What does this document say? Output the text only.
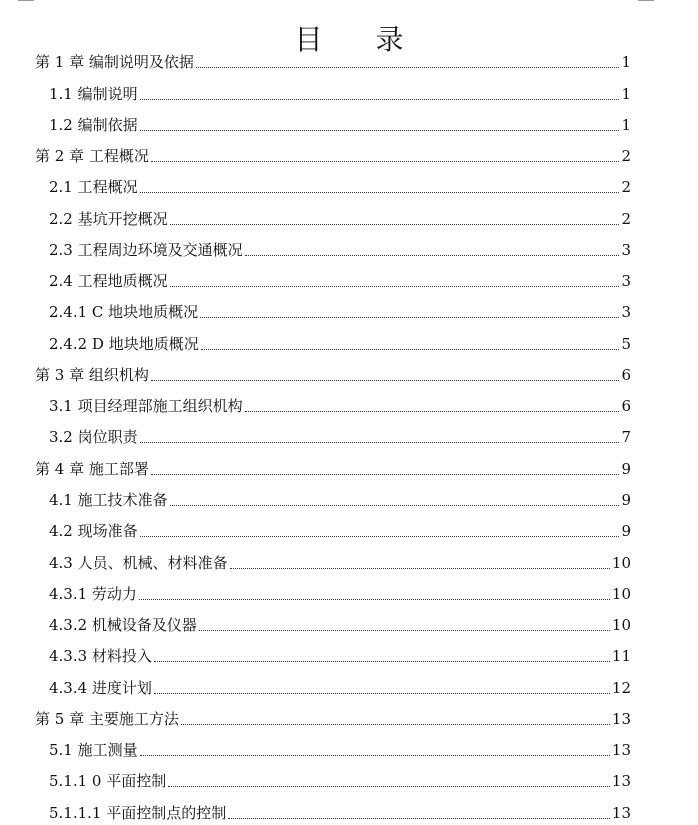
目 录
第 1 章 编制说明及依据	1
1.1 编制说明	1
1.2 编制依据	1
第 2 章 工程概况	2
2.1 工程概况	2
2.2 基坑开挖概况	2
2.3 工程周边环境及交通概况	3
2.4 工程地质概况	3
2.4.1 C 地块地质概况	3
2.4.2 D 地块地质概况	5
第 3 章 组织机构	6
3.1 项目经理部施工组织机构	6
3.2 岗位职责	7
第 4 章 施工部署	9
4.1 施工技术准备	9
4.2 现场准备	9
4.3 人员、机械、材料准备	10
4.3.1 劳动力	10
4.3.2 机械设备及仪器	10
4.3.3 材料投入	11
4.3.4 进度计划	12
第 5 章 主要施工方法	13
5.1 施工测量	13
5.1.1 0 平面控制	13
5.1.1.1 平面控制点的控制	13
